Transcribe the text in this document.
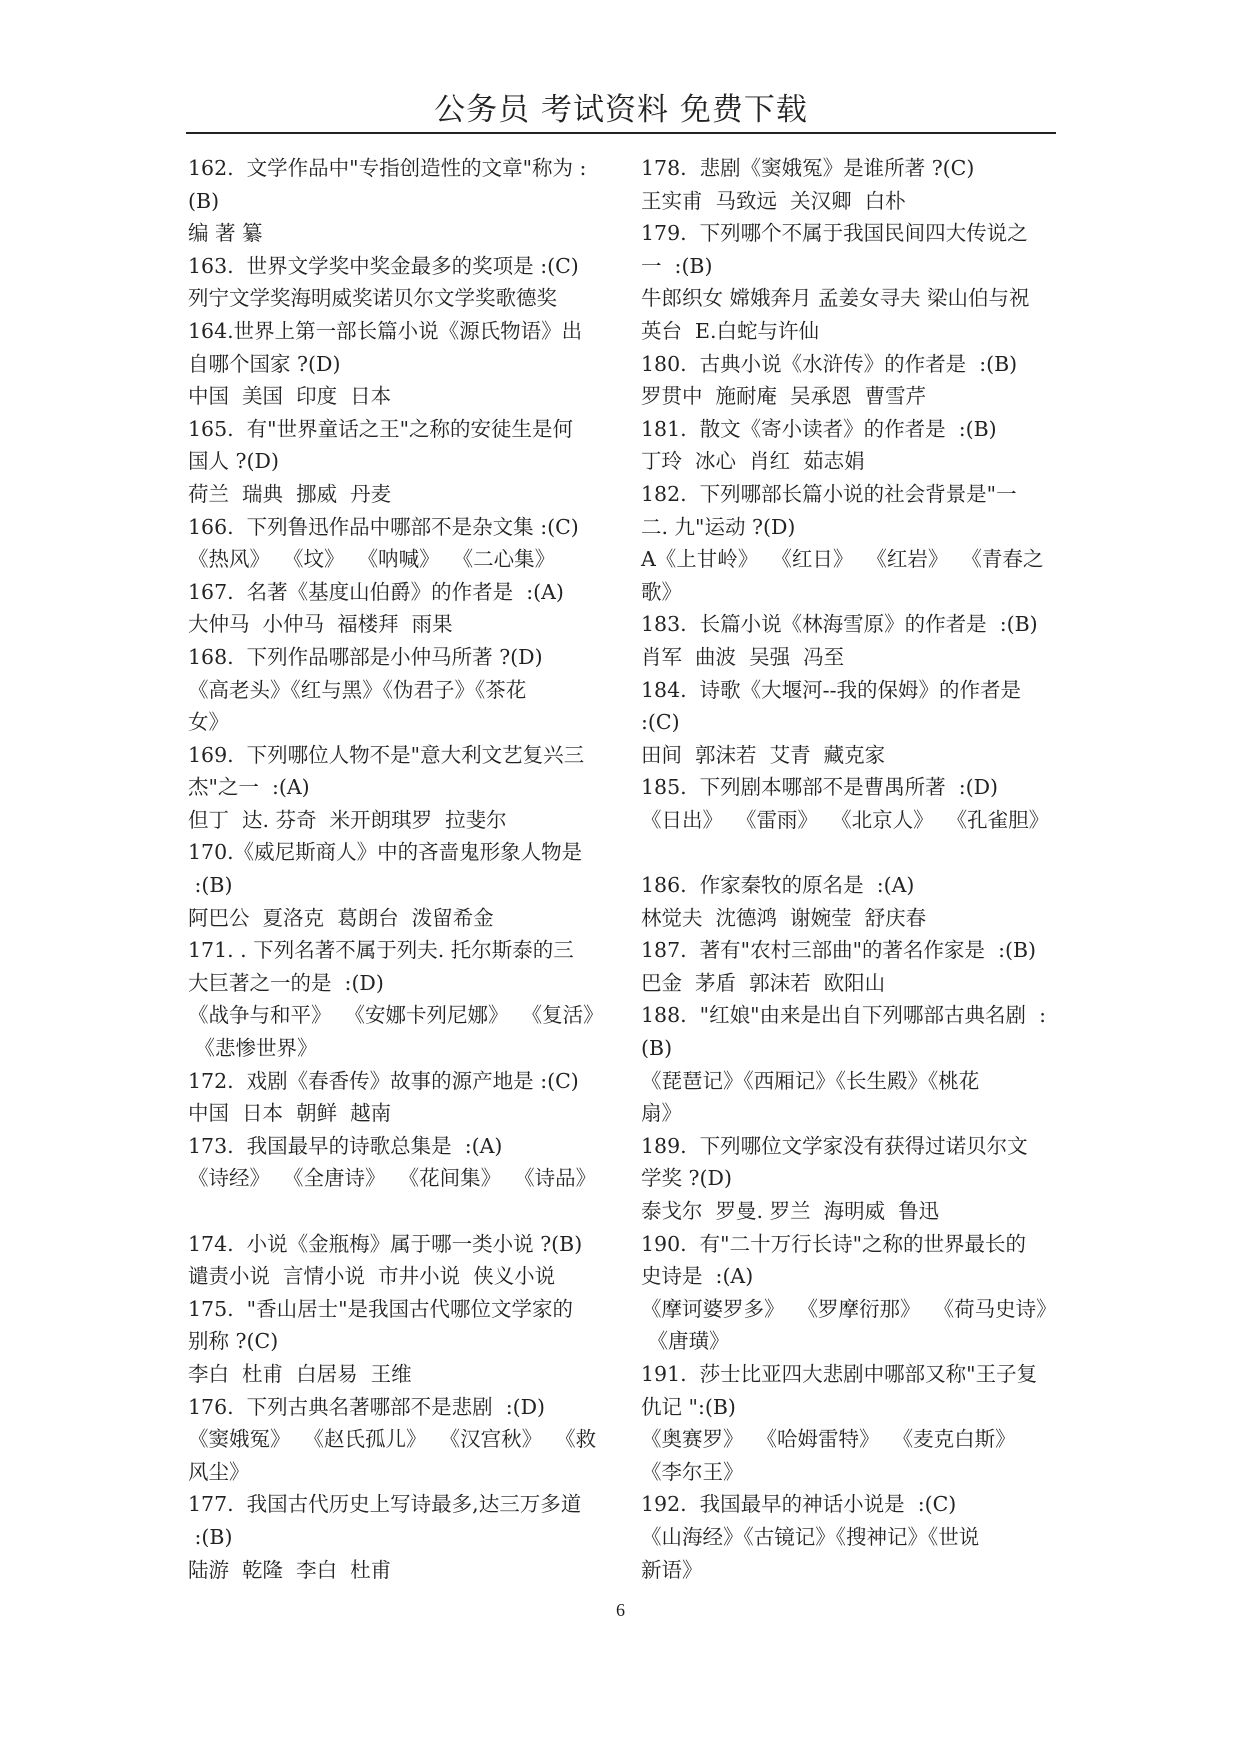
公务员 考试资料 免费下载
162.  文学作品中"专指创造性的文章"称为 :
(B)
编 著 纂
163.  世界文学奖中奖金最多的奖项是 :(C)
列宁文学奖海明威奖诺贝尔文学奖歌德奖
164.世界上第一部长篇小说《源氏物语》出
自哪个国家 ?(D)
中国  美国  印度  日本
165.  有"世界童话之王"之称的安徒生是何
国人 ?(D)
荷兰  瑞典  挪威  丹麦
166.  下列鲁迅作品中哪部不是杂文集 :(C)
《热风》  《坟》  《呐喊》  《二心集》
167.  名著《基度山伯爵》的作者是  :(A)
大仲马  小仲马  福楼拜  雨果
168.  下列作品哪部是小仲马所著 ?(D)
《高老头》《红与黑》《伪君子》《茶花
女》
169.  下列哪位人物不是"意大利文艺复兴三
杰"之一  :(A)
但丁  达. 芬奇  米开朗琪罗  拉斐尔
170.《威尼斯商人》中的吝啬鬼形象人物是
:(B)
阿巴公  夏洛克  葛朗台  泼留希金
171. . 下列名著不属于列夫. 托尔斯泰的三
大巨著之一的是  :(D)
《战争与和平》  《安娜卡列尼娜》  《复活》
《悲惨世界》
172.  戏剧《春香传》故事的源产地是 :(C)
中国  日本  朝鲜  越南
173.  我国最早的诗歌总集是  :(A)
《诗经》  《全唐诗》  《花间集》  《诗品》
174.  小说《金瓶梅》属于哪一类小说 ?(B)
谴责小说  言情小说  市井小说  侠义小说
175.  "香山居士"是我国古代哪位文学家的
别称 ?(C)
李白  杜甫  白居易  王维
176.  下列古典名著哪部不是悲剧  :(D)
《窦娥冤》  《赵氏孤儿》  《汉宫秋》  《救
风尘》
177.  我国古代历史上写诗最多,达三万多道
:(B)
陆游  乾隆  李白  杜甫
178.  悲剧《窦娥冤》是谁所著 ?(C)
王实甫  马致远  关汉卿  白朴
179.  下列哪个不属于我国民间四大传说之
一  :(B)
牛郎织女 嫦娥奔月 孟姜女寻夫 梁山伯与祝
英台  E.白蛇与许仙
180.  古典小说《水浒传》的作者是  :(B)
罗贯中  施耐庵  吴承恩  曹雪芹
181.  散文《寄小读者》的作者是  :(B)
丁玲  冰心  肖红  茹志娟
182.  下列哪部长篇小说的社会背景是"一
二. 九"运动 ?(D)
A《上甘岭》  《红日》  《红岩》  《青春之
歌》
183.  长篇小说《林海雪原》的作者是  :(B)
肖军  曲波  吴强  冯至
184.  诗歌《大堰河--我的保姆》的作者是
:(C)
田间  郭沫若  艾青  藏克家
185.  下列剧本哪部不是曹禺所著  :(D)
《日出》  《雷雨》  《北京人》  《孔雀胆》
186.  作家秦牧的原名是  :(A)
林觉夫  沈德鸿  谢婉莹  舒庆春
187.  著有"农村三部曲"的著名作家是  :(B)
巴金  茅盾  郭沫若  欧阳山
188.  "红娘"由来是出自下列哪部古典名剧  :
(B)
《琵琶记》《西厢记》《长生殿》《桃花
扇》
189.  下列哪位文学家没有获得过诺贝尔文
学奖 ?(D)
泰戈尔  罗曼. 罗兰  海明威  鲁迅
190.  有"二十万行长诗"之称的世界最长的
史诗是  :(A)
《摩诃婆罗多》  《罗摩衍那》  《荷马史诗》
《唐璜》
191.  莎士比亚四大悲剧中哪部又称"王子复
仇记 ":(B)
《奥赛罗》  《哈姆雷特》  《麦克白斯》
《李尔王》
192.  我国最早的神话小说是  :(C)
《山海经》《古镜记》《搜神记》《世说
新语》
6
